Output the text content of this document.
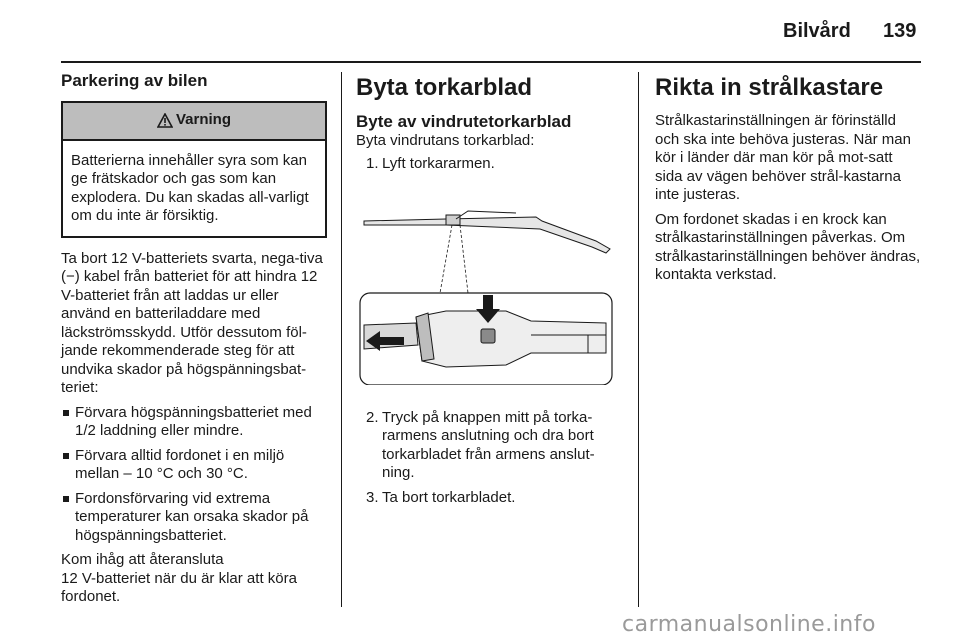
Bilvård 139
Parkering av bilen
Varning
Batterierna innehåller syra som kan ge frätskador och gas som kan explodera. Du kan skadas all-varligt om du inte är försiktig.

Ta bort 12 V-batteriets svarta, nega-tiva (−) kabel från batteriet för att hindra 12 V-batteriet från att laddas ur eller använd en batteriladdare med läckströmsskydd. Utför dessutom föl-jande rekommenderade steg för att undvika skador på högspänningsbat-teriet:

Förvara högspänningsbatteriet med 1/2 laddning eller mindre.
Förvara alltid fordonet i en miljö mellan – 10 °C och 30 °C.
Fordonsförvaring vid extrema temperaturer kan orsaka skador på högspänningsbatteriet.
Kom ihåg att återansluta
12 V-batteriet när du är klar att köra fordonet.
Byta torkarblad
Byte av vindrutetorkarblad

Byta vindrutans torkarblad:

1. Lyft torkararmen.
2. Tryck på knappen mitt på torka-rarmens anslutning och dra bort torkarbladet från armens anslut-ning.
3. Ta bort torkarbladet.
Rikta in strålkastare

Strålkastarinställningen är förinställd och ska inte behöva justeras. När man kör i länder där man kör på mot-satt sida av vägen behöver strål-kastarna inte justeras.

Om fordonet skadas i en krock kan strålkastarinställningen påverkas. Om strålkastarinställningen behöver ändras, kontakta verkstad.

carmanualsonline.info
